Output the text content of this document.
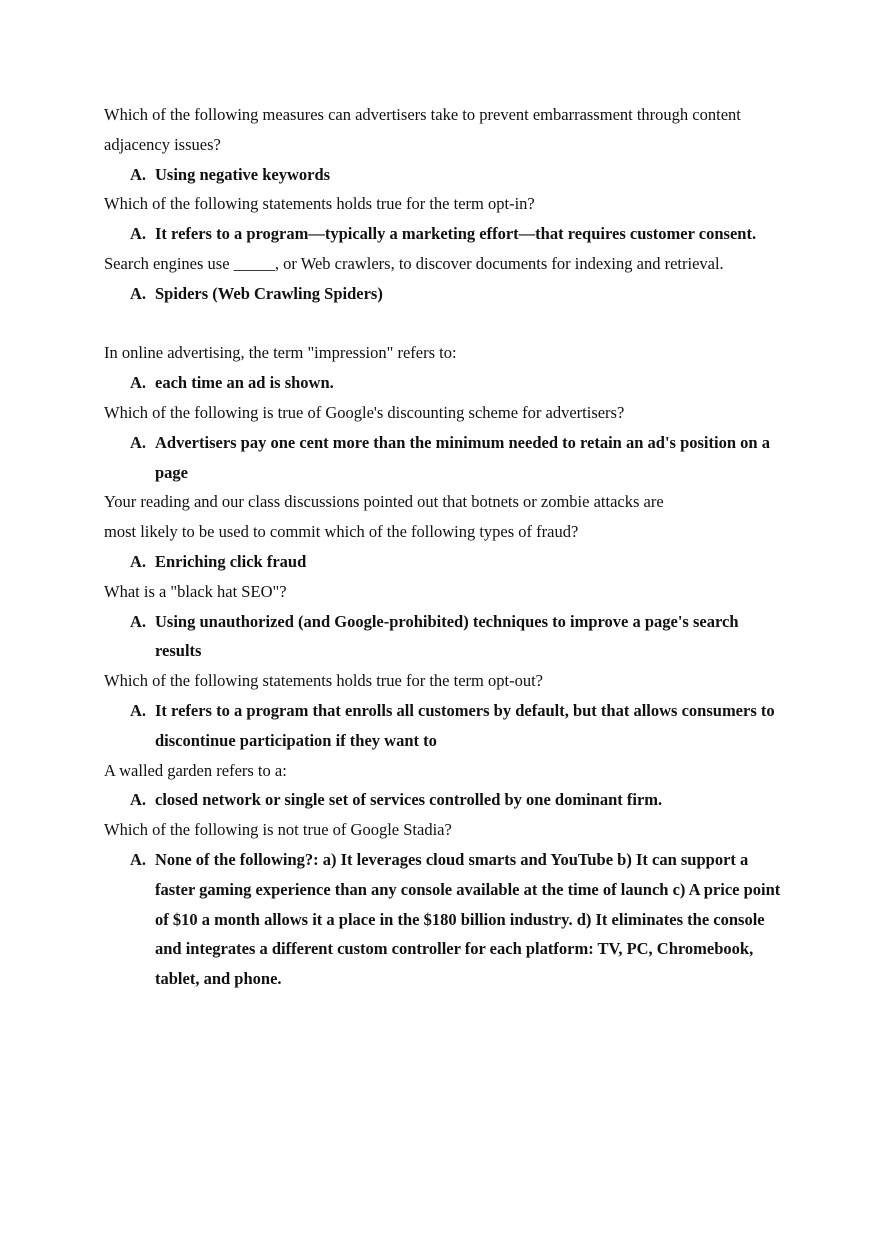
Which of the following measures can advertisers take to prevent embarrassment through content adjacency issues?

A. Using negative keywords

Which of the following statements holds true for the term opt-in?

A. It refers to a program—typically a marketing effort—that requires customer consent.

Search engines use _____, or Web crawlers, to discover documents for indexing and retrieval.

A. Spiders (Web Crawling Spiders)

In online advertising, the term "impression" refers to:

A. each time an ad is shown.

Which of the following is true of Google's discounting scheme for advertisers?

A. Advertisers pay one cent more than the minimum needed to retain an ad's position on a page

Your reading and our class discussions pointed out that botnets or zombie attacks are

most likely to be used to commit which of the following types of fraud?

A. Enriching click fraud

What is a "black hat SEO"?

A. Using unauthorized (and Google-prohibited) techniques to improve a page's search results

Which of the following statements holds true for the term opt-out?

A. It refers to a program that enrolls all customers by default, but that allows consumers to discontinue participation if they want to

A walled garden refers to a:

A. closed network or single set of services controlled by one dominant firm.

Which of the following is not true of Google Stadia?

A. None of the following?: a) It leverages cloud smarts and YouTube b) It can support a faster gaming experience than any console available at the time of launch c) A price point of $10 a month allows it a place in the $180 billion industry. d) It eliminates the console and integrates a different custom controller for each platform: TV, PC, Chromebook, tablet, and phone.
